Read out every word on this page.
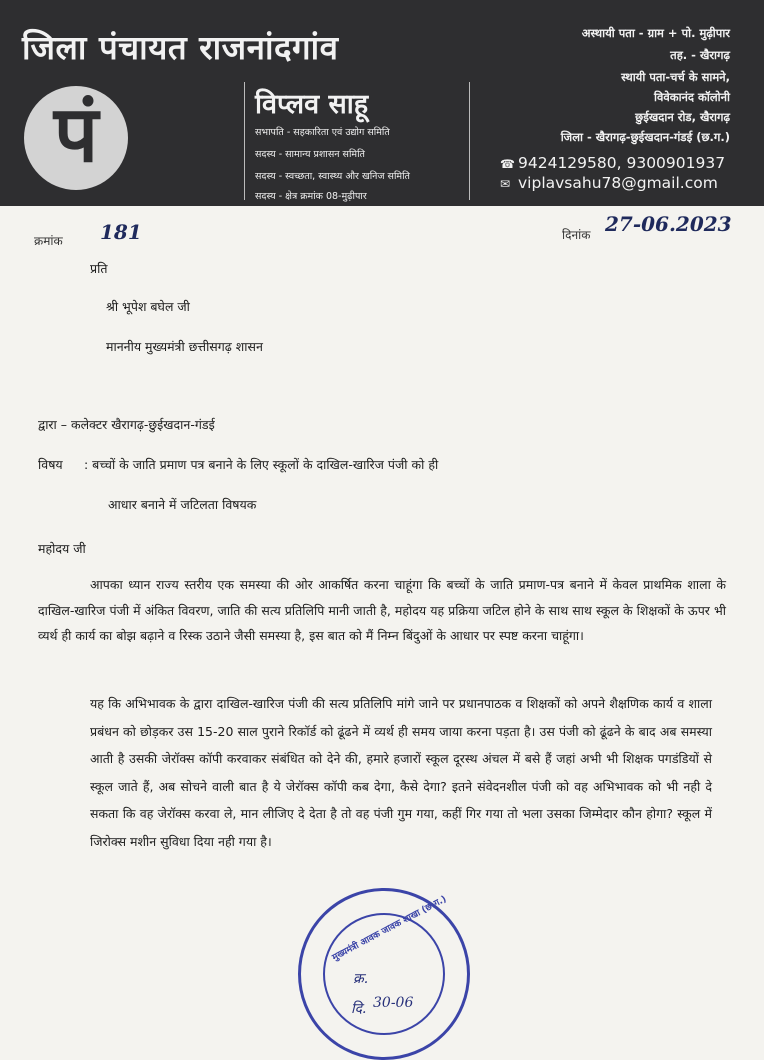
जिला पंचायत राजनांदगांव
पं	विप्लव साहू
सभापति - सहकारिता एवं उद्योग समिति
सदस्य - सामान्य प्रशासन समिति
सदस्य - स्वच्छता, स्वास्थ्य और खनिज समिति
सदस्य - क्षेत्र क्रमांक 08-मुढ़ीपार
अस्थायी पता - ग्राम + पो. मुढ़ीपार
तह. - खैरागढ़
स्थायी पता-चर्च के सामने,
विवेकानंद कॉलोनी
छुईखदान रोड, खैरागढ़
जिला - खैरागढ़-छुईखदान-गंडई (छ.ग.)
☎ 9424129580, 9300901937
✉ viplavsahu78@gmail.com
क्रमांक 181	दिनांक 27-06.2023
प्रति
श्री भूपेश बघेल जी
माननीय मुख्यमंत्री छत्तीसगढ़ शासन
द्वारा – कलेक्टर खैरागढ़-छुईखदान-गंडई
विषय : बच्चों के जाति प्रमाण पत्र बनाने के लिए स्कूलों के दाखिल-खारिज पंजी को ही
आधार बनाने में जटिलता विषयक
महोदय जी
आपका ध्यान राज्य स्तरीय एक समस्या की ओर आकर्षित करना चाहूंगा कि बच्चों के जाति प्रमाण-पत्र बनाने में केवल प्राथमिक शाला के दाखिल-खारिज पंजी में अंकित विवरण, जाति की सत्य प्रतिलिपि मानी जाती है, महोदय यह प्रक्रिया जटिल होने के साथ साथ स्कूल के शिक्षकों के ऊपर भी व्यर्थ ही कार्य का बोझ बढ़ाने व रिस्क उठाने जैसी समस्या है, इस बात को मैं निम्न बिंदुओं के आधार पर स्पष्ट करना चाहूंगा।
यह कि अभिभावक के द्वारा दाखिल-खारिज पंजी की सत्य प्रतिलिपि मांगे जाने पर प्रधानपाठक व शिक्षकों को अपने शैक्षणिक कार्य व शाला प्रबंधन को छोड़कर उस 15-20 साल पुराने रिकॉर्ड को ढूंढने में व्यर्थ ही समय जाया करना पड़ता है। उस पंजी को ढूंढने के बाद अब समस्या आती है उसकी जेरॉक्स कॉपी करवाकर संबंधित को देने की, हमारे हजारों स्कूल दूरस्थ अंचल में बसे हैं जहां अभी भी शिक्षक पगडंडियों से स्कूल जाते हैं, अब सोचने वाली बात है ये जेरॉक्स कॉपी कब देगा, कैसे देगा? इतने संवेदनशील पंजी को वह अभिभावक को भी नही दे सकता कि वह जेरॉक्स करवा ले, मान लीजिए दे देता है तो वह पंजी गुम गया, कहीं गिर गया तो भला उसका जिम्मेदार कौन होगा? स्कूल में जिरोक्स मशीन सुविधा दिया नही गया है।
मुख्यमंत्री आवक जावक शाखा (छ.ग.)
क्र.
दि. 30-06
